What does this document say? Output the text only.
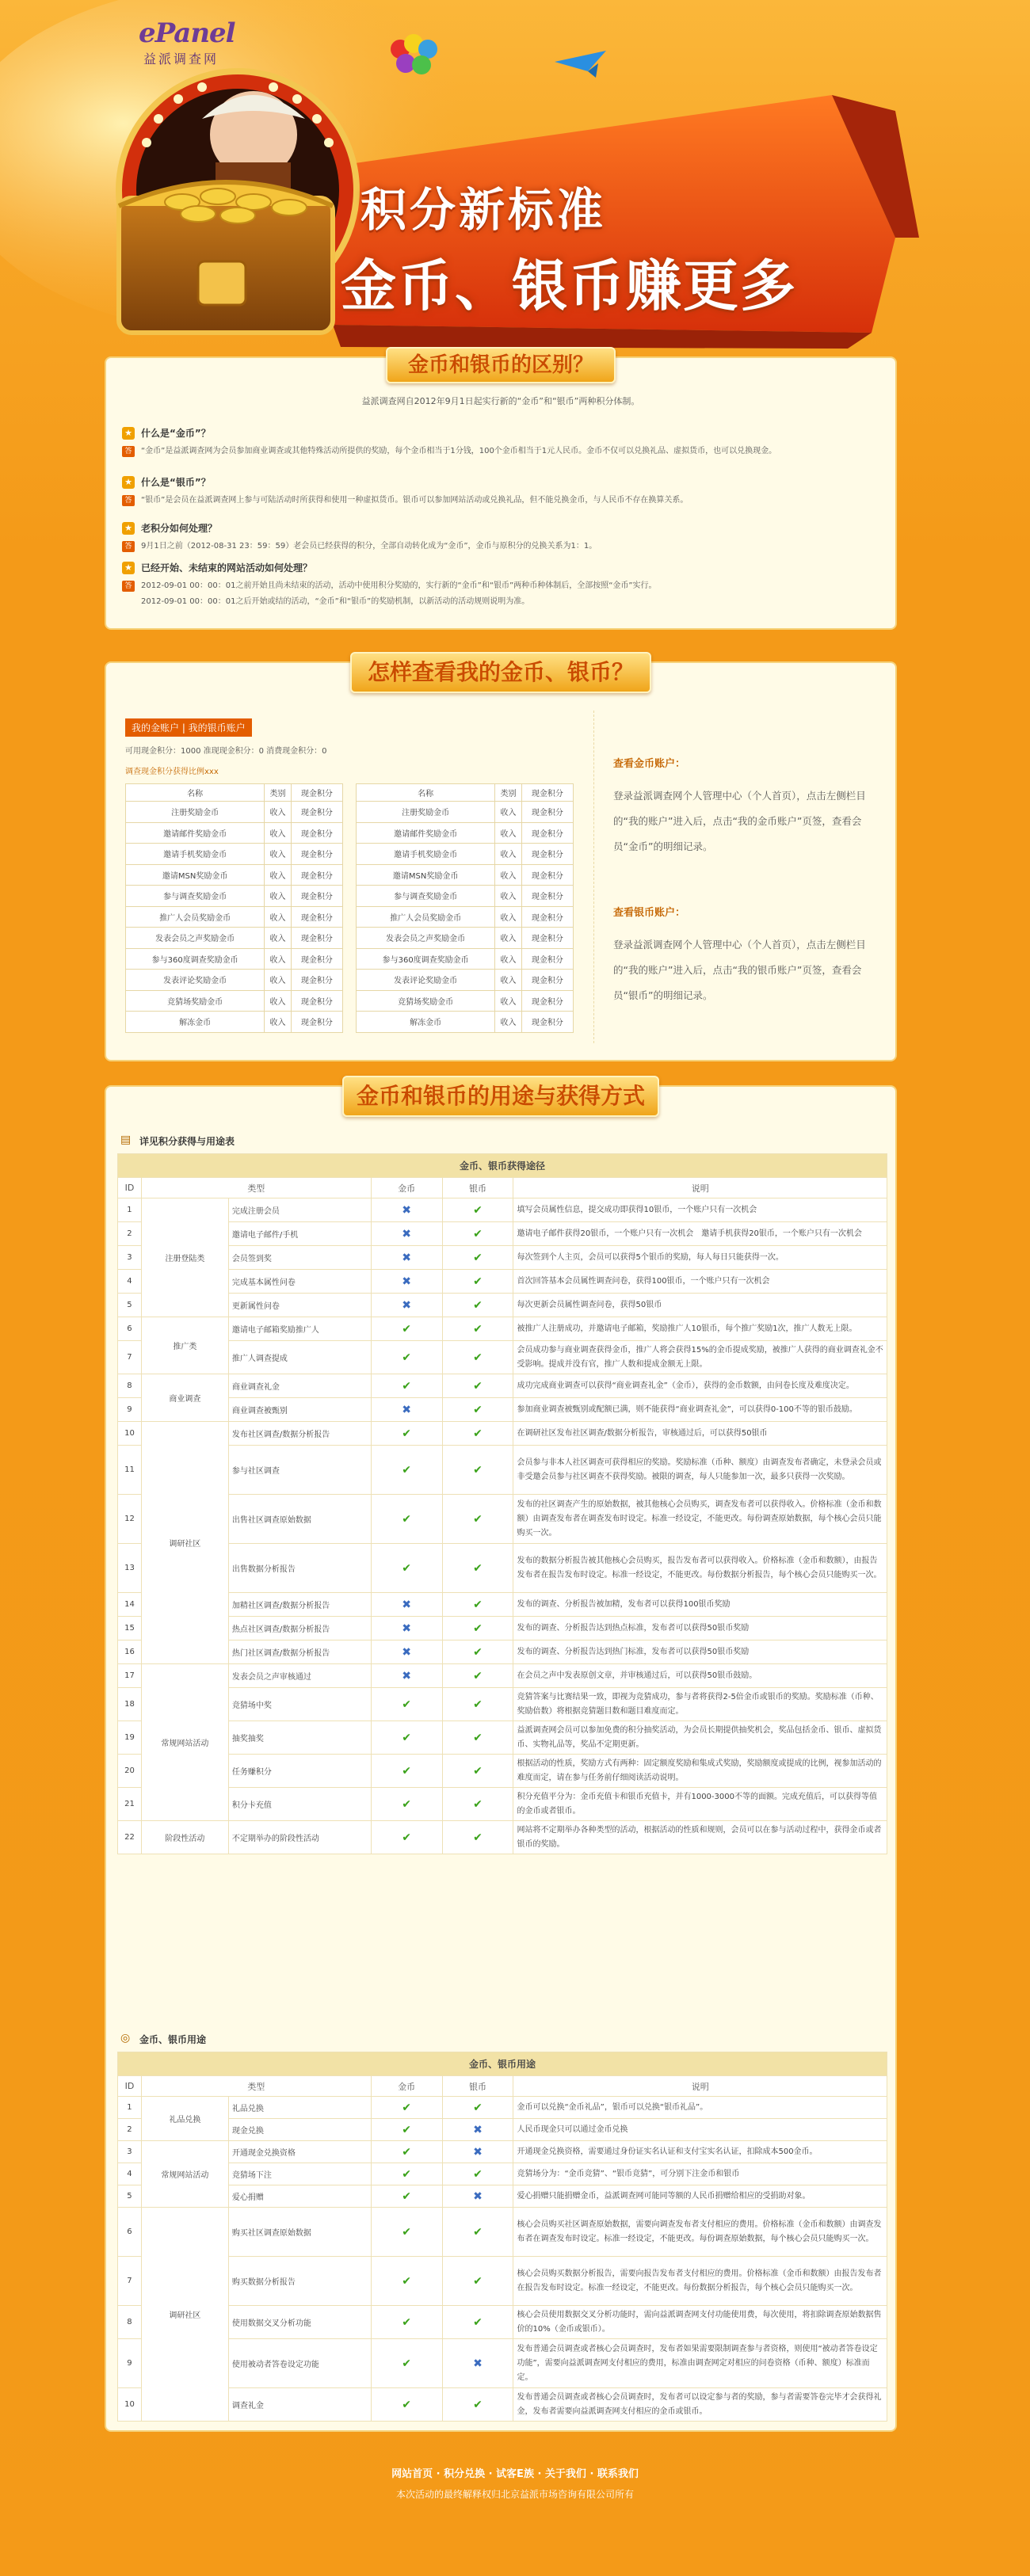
ePanel
益派调查网
积分新标准
金币、银币赚更多
金币和银币的区别？
益派调查网自2012年9月1日起实行新的“金币”和“银币”两种积分体制。
★ 什么是“金币”？
答	“金币”是益派调查网为会员参加商业调查或其他特殊活动所提供的奖励，每个金币相当于1分钱，100个金币相当于1元人民币。金币不仅可以兑换礼品、虚拟货币，也可以兑换现金。
★ 什么是“银币”？
答	“银币”是会员在益派调查网上参与可陆活动时所获得和使用一种虚拟货币。银币可以参加网站活动或兑换礼品，但不能兑换金币，与人民币不存在换算关系。
★ 老积分如何处理？
答	9月1日之前（2012-08-31 23：59：59）老会员已经获得的积分，全部自动转化成为“金币”，金币与原积分的兑换关系为1：1。
★ 已经开始、未结束的网站活动如何处理？
答	2012-09-01 00：00：01之前开始且尚未结束的活动，活动中使用积分奖励的，实行新的“金币”和“银币”两种币种体制后，全部按照“金币”实行。
2012-09-01 00：00：01之后开始或结的活动，“金币”和“银币”的奖励机制，以新活动的活动规则说明为准。
怎样查看我的金币、银币？
我的金账户 | 我的银币账户
可用现金积分：1000 准现现金积分：0 消费现金积分：0
调查现金积分获得比例xxx
名称	类别	现金积分
注册奖励金币	收入	现金积分
邀请邮件奖励金币	收入	现金积分
邀请手机奖励金币	收入	现金积分
邀请MSN奖励金币	收入	现金积分
参与调查奖励金币	收入	现金积分
推广人会员奖励金币	收入	现金积分
发表会员之声奖励金币	收入	现金积分
参与360度调查奖励金币	收入	现金积分
发表评论奖励金币	收入	现金积分
竞猜场奖励金币	收入	现金积分
解冻金币	收入	现金积分
名称	类别	现金积分
注册奖励金币	收入	现金积分
邀请邮件奖励金币	收入	现金积分
邀请手机奖励金币	收入	现金积分
邀请MSN奖励金币	收入	现金积分
参与调查奖励金币	收入	现金积分
推广人会员奖励金币	收入	现金积分
发表会员之声奖励金币	收入	现金积分
参与360度调查奖励金币	收入	现金积分
发表评论奖励金币	收入	现金积分
竞猜场奖励金币	收入	现金积分
解冻金币	收入	现金积分
查看金币账户：
登录益派调查网个人管理中心（个人首页），点击左侧栏目的“我的账户”进入后，点击“我的金币账户”页签，查看会员“金币”的明细记录。
查看银币账户：
登录益派调查网个人管理中心（个人首页），点击左侧栏目的“我的账户”进入后，点击“我的银币账户”页签，查看会员“银币”的明细记录。
金币和银币的用途与获得方式
▤ 详见积分获得与用途表
金币、银币获得途径					
ID	类型		金币	银币	说明
1	注册登陆类	完成注册会员	✖	✔	填写会员属性信息，提交成功即获得10银币，一个账户只有一次机会
2		邀请电子邮件/手机	✖	✔	邀请电子邮件获得20银币，一个账户只有一次机会　邀请手机获得20银币，一个账户只有一次机会
3		会员签到奖	✖	✔	每次签到个人主页，会员可以获得5个银币的奖励，每人每日只能获得一次。
4		完成基本属性问卷	✖	✔	首次回答基本会员属性调查问卷，获得100银币，一个账户只有一次机会
5		更新属性问卷	✖	✔	每次更新会员属性调查问卷，获得50银币
6	推广类	邀请电子邮箱奖励推广人	✔	✔	被推广人注册成功，并邀请电子邮箱，奖励推广人10银币，每个推广奖励1次，推广人数无上限。
7		推广人调查提成	✔	✔	会员成功参与商业调查获得金币，推广人将会获得15%的金币提成奖励，被推广人获得的商业调查礼金不受影响。提成并没有官，推广人数和提成金额无上限。
8	商业调查	商业调查礼金	✔	✔	成功完成商业调查可以获得“商业调查礼金”（金币），获得的金币数额，由问卷长度及难度决定。
9		商业调查被甄别	✖	✔	参加商业调查被甄别或配额已满，则不能获得“商业调查礼金”，可以获得0-100不等的银币鼓励。
10	调研社区	发布社区调查/数据分析报告	✔	✔	在调研社区发布社区调查/数据分析报告，审核通过后，可以获得50银币
11		参与社区调查	✔	✔	会员参与非本人社区调查可获得相应的奖励。奖励标准（币种、额度）由调查发布者确定，未登录会员或非受邀会员参与社区调查不获得奖励。被限的调查，每人只能参加一次，最多只获得一次奖励。
12		出售社区调查原始数据	✔	✔	发布的社区调查产生的原始数据，被其他核心会员购买，调查发布者可以获得收入。价格标准（金币和数额）由调查发布者在调查发布时设定。标准一经设定，不能更改。每份调查原始数据，每个核心会员只能购买一次。
13		出售数据分析报告	✔	✔	发布的数据分析报告被其他核心会员购买，报告发布者可以获得收入。价格标准（金币和数额），由报告发布者在报告发布时设定。标准一经设定，不能更改。每份数据分析报告，每个核心会员只能购买一次。
14		加精社区调查/数据分析报告	✖	✔	发布的调查、分析报告被加精，发布者可以获得100银币奖励
15		热点社区调查/数据分析报告	✖	✔	发布的调查、分析报告达到热点标准，发布者可以获得50银币奖励
16		热门社区调查/数据分析报告	✖	✔	发布的调查、分析报告达到热门标准，发布者可以获得50银币奖励
17	常规网站活动	发表会员之声审核通过	✖	✔	在会员之声中发表原创文章，并审核通过后，可以获得50银币鼓励。
18		竞猜场中奖	✔	✔	竞猜答案与比赛结果一致，即视为竞猜成功，参与者将获得2-5倍金币或银币的奖励。奖励标准（币种、奖励倍数）将根据竞猜题目数和题目难度而定。
19		抽奖抽奖	✔	✔	益派调查网会员可以参加免费的积分抽奖活动，为会员长期提供抽奖机会，奖品包括金币、银币、虚拟货币、实物礼品等，奖品不定期更新。
20		任务赚积分	✔	✔	根据活动的性质，奖励方式有两种：固定额度奖励和集成式奖励，奖励额度或提成的比例，视参加活动的难度而定，请在参与任务前仔细阅读活动说明。
21		积分卡充值	✔	✔	积分充值平分为：金币充值卡和银币充值卡，并有1000-3000不等的面额。完成充值后，可以获得等值的金币或者银币。
22	阶段性活动	不定期举办的阶段性活动	✔	✔	网站将不定期举办各种类型的活动，根据活动的性质和规则，会员可以在参与活动过程中，获得金币或者银币的奖励。
◎ 金币、银币用途
金币、银币用途					
ID	类型		金币	银币	说明
1	礼品兑换	礼品兑换	✔	✔	金币可以兑换“金币礼品”，银币可以兑换“银币礼品”。
2		现金兑换	✔	✖	人民币现金只可以通过金币兑换
3	常规网站活动	开通现金兑换资格	✔	✖	开通现金兑换资格，需要通过身份证实名认证和支付宝实名认证，扣除成本500金币。
4		竞猜场下注	✔	✔	竞猜场分为：“金币竞猜”、“银币竞猜”，可分别下注金币和银币
5		爱心捐赠	✔	✖	爱心捐赠只能捐赠金币，益派调查网可能同等额的人民币捐赠给相应的受捐助对象。
6	调研社区	购买社区调查原始数据	✔	✔	核心会员购买社区调查原始数据，需要向调查发布者支付相应的费用。价格标准（金币和数额）由调查发布者在调查发布时设定。标准一经设定，不能更改。每份调查原始数据，每个核心会员只能购买一次。
7		购买数据分析报告	✔	✔	核心会员购买数据分析报告，需要向报告发布者支付相应的费用。价格标准（金币和数额）由报告发布者在报告发布时设定。标准一经设定，不能更改。每份数据分析报告，每个核心会员只能购买一次。
8		使用数据交叉分析功能	✔	✔	核心会员使用数据交叉分析功能时，需向益派调查网支付功能使用费，每次使用，将扣除调查原始数据售价的10%（金币或银币）。
9		使用被动者答卷设定功能	✔	✖	发布普通会员调查或者核心会员调查时，发布者如果需要限制调查参与者资格，则使用“被动者答卷设定功能”，需要向益派调查网支付相应的费用，标准由调查网定对相应的问卷资格（币种、额度）标准而定。
10		调查礼金	✔	✔	发布普通会员调查或者核心会员调查时，发布者可以设定参与者的奖励，参与者需要答卷完毕才会获得礼金，发布者需要向益派调查网支付相应的金币或银币。
网站首页 · 积分兑换 · 试客E族 · 关于我们 · 联系我们
本次活动的最终解释权归北京益派市场咨询有限公司所有
